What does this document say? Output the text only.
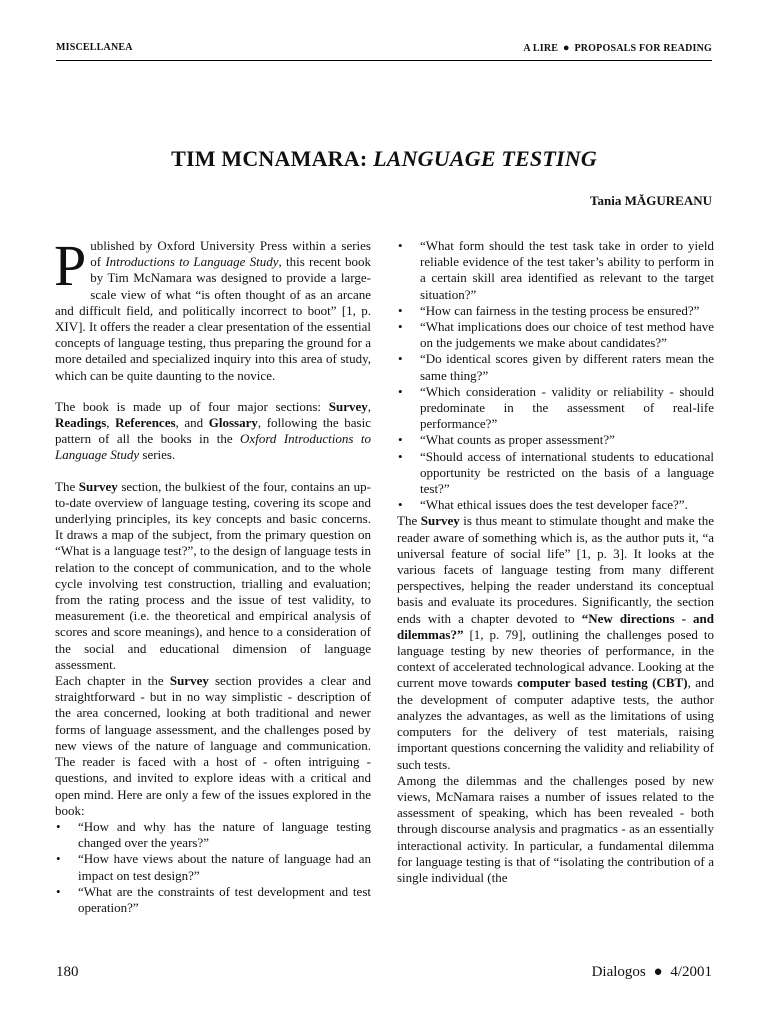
MISCELLANEA	A LIRE ● PROPOSALS FOR READING
TIM MCNAMARA: LANGUAGE TESTING
Tania MĂGUREANU

Published by Oxford University Press within a series of Introductions to Language Study, this recent book by Tim McNamara was designed to provide a large-scale view of what “is often thought of as an arcane and difficult field, and politically incorrect to boot” [1, p. XIV]. It offers the reader a clear presentation of the essential concepts of language testing, thus preparing the ground for a more detailed and specialized inquiry into this area of study, which can be quite daunting to the novice.

The book is made up of four major sections: Survey, Readings, References, and Glossary, following the basic pattern of all the books in the Oxford Introductions to Language Study series.

The Survey section, the bulkiest of the four, contains an up-to-date overview of language testing, covering its scope and underlying principles, its key concepts and basic concerns. It draws a map of the subject, from the primary question on “What is a language test?”, to the design of language tests in relation to the concept of communication, and to the whole cycle involving test construction, trialling and evaluation; from the rating process and the issue of test validity, to measurement (i.e. the theoretical and empirical analysis of scores and score meanings), and hence to a consideration of the social and educational dimension of language assessment.

Each chapter in the Survey section provides a clear and straightforward - but in no way simplistic - description of the area concerned, looking at both traditional and newer forms of language assessment, and the challenges posed by new views of the nature of language and communication. The reader is faced with a host of - often intriguing - questions, and invited to explore ideas with a critical and open mind. Here are only a few of the issues explored in the book:

• “How and why has the nature of language testing changed over the years?”
• “How have views about the nature of language had an impact on test design?”
• “What are the constraints of test development and test operation?”
• “What form should the test task take in order to yield reliable evidence of the test taker’s ability to perform in a certain skill area identified as relevant to the target situation?”
• “How can fairness in the testing process be ensured?”
• “What implications does our choice of test method have on the judgements we make about candidates?”
• “Do identical scores given by different raters mean the same thing?”
• “Which consideration - validity or reliability - should predominate in the assessment of real-life performance?”
• “What counts as proper assessment?”
• “Should access of international students to educational opportunity be restricted on the basis of a language test?”
• “What ethical issues does the test developer face?”.

The Survey is thus meant to stimulate thought and make the reader aware of something which is, as the author puts it, “a universal feature of social life” [1, p. 3]. It looks at the various facets of language testing from many different perspectives, helping the reader understand its conceptual basis and evaluate its procedures. Significantly, the section ends with a chapter devoted to “New directions - and dilemmas?” [1, p. 79], outlining the challenges posed to language testing by new theories of performance, in the context of accelerated technological advance. Looking at the current move towards computer based testing (CBT), and the development of computer adaptive tests, the author analyzes the advantages, as well as the limitations of using computers for the delivery of test materials, raising important questions concerning the validity and reliability of such tests.

Among the dilemmas and the challenges posed by new views, McNamara raises a number of issues related to the assessment of speaking, which has been revealed - both through discourse analysis and pragmatics - as an essentially interactional activity. In particular, a fundamental dilemma for language testing is that of “isolating the contribution of a single individual (the

180	Dialogos ● 4/2001
